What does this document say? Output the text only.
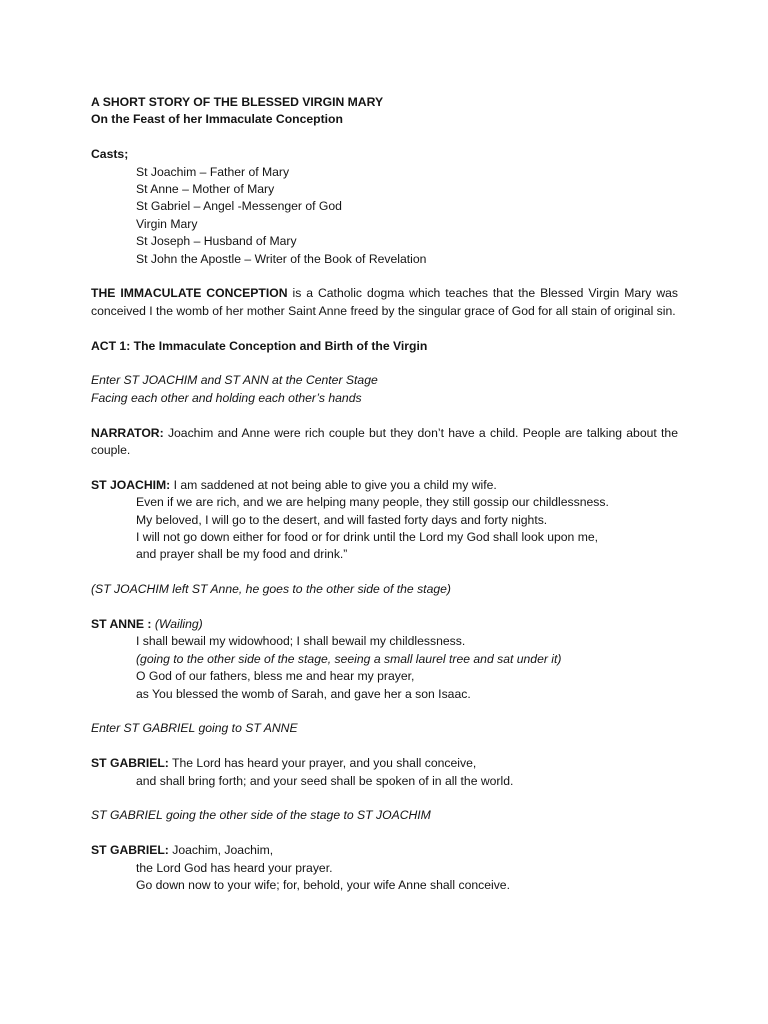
A SHORT STORY OF THE BLESSED VIRGIN MARY
On the Feast of her Immaculate Conception
Casts;
St Joachim – Father of Mary
St Anne – Mother of Mary
St Gabriel – Angel -Messenger of God
Virgin Mary
St Joseph – Husband of Mary
St John the Apostle – Writer of the Book of Revelation
THE IMMACULATE CONCEPTION is a Catholic dogma which teaches that the Blessed Virgin Mary was conceived I the womb of her mother Saint Anne freed by the singular grace of God for all stain of original sin.
ACT 1: The Immaculate Conception and Birth of the Virgin
Enter ST JOACHIM and ST ANN at the Center Stage
Facing each other and holding each other’s hands
NARRATOR: Joachim and Anne were rich couple but they don’t have a child. People are talking about the couple.
ST JOACHIM: I am saddened at not being able to give you a child my wife.
Even if we are rich, and we are helping many people, they still gossip our childlessness.
My beloved, I will go to the desert, and will fasted forty days and forty nights.
I will not go down either for food or for drink until the Lord my God shall look upon me,
and prayer shall be my food and drink.”
(ST JOACHIM left ST Anne, he goes to the other side of the stage)
ST ANNE : (Wailing)
I shall bewail my widowhood; I shall bewail my childlessness.
(going to the other side of the stage, seeing a small laurel tree and sat under it)
O God of our fathers, bless me and hear my prayer,
as You blessed the womb of Sarah, and gave her a son Isaac.
Enter ST GABRIEL going to ST ANNE
ST GABRIEL: The Lord has heard your prayer, and you shall conceive,
and shall bring forth; and your seed shall be spoken of in all the world.
ST GABRIEL going the other side of the stage to ST JOACHIM
ST GABRIEL: Joachim, Joachim,
the Lord God has heard your prayer.
Go down now to your wife; for, behold, your wife Anne shall conceive.
